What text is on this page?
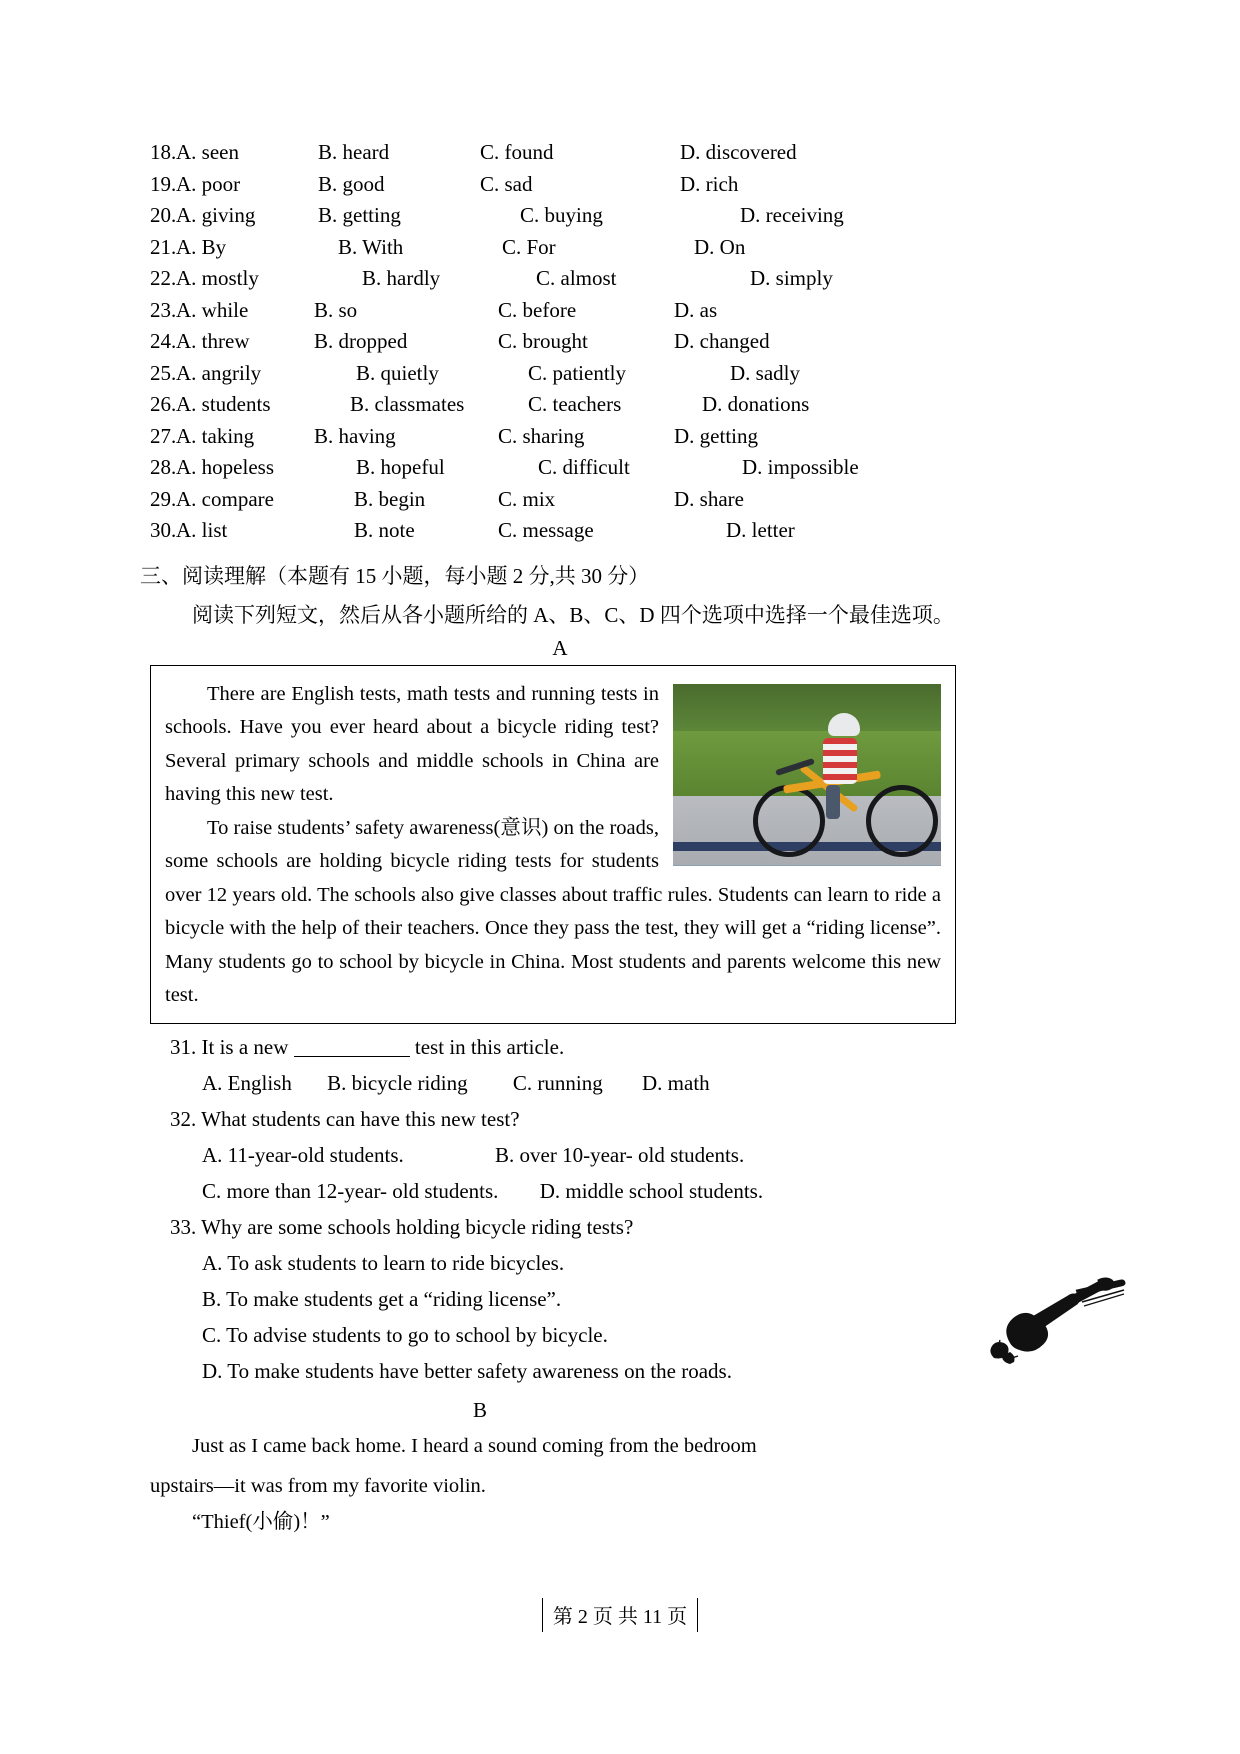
18. A. seen	B. heard	C. found	D. discovered
19. A. poor	B. good	C. sad	D. rich
20. A. giving	B. getting	C. buying	D. receiving
21. A. By	B. With	C. For	D. On
22. A. mostly	B. hardly	C. almost	D. simply
23. A. while	B. so	C. before	D. as
24. A. threw	B. dropped	C. brought	D. changed
25. A. angrily	B. quietly	C. patiently	D. sadly
26. A. students	B. classmates	C. teachers	D. donations
27. A. taking	B. having	C. sharing	D. getting
28. A. hopeless	B. hopeful	C. difficult	D. impossible
29. A. compare	B. begin	C. mix	D. share
30. A. list	B. note	C. message	D. letter
三、阅读理解（本题有 15 小题，每小题 2 分,共 30 分）
阅读下列短文，然后从各小题所给的 A、B、C、D 四个选项中选择一个最佳选项。
A

There are English tests, math tests and running tests in schools. Have you ever heard about a bicycle riding test? Several primary schools and middle schools in China are having this new test.

To raise students’ safety awareness(意识) on the roads, some schools are holding bicycle riding tests for students over 12 years old. The schools also give classes about traffic rules. Students can learn to ride a bicycle with the help of their teachers. Once they pass the test, they will get a “riding license”. Many students go to school by bicycle in China. Most students and parents welcome this new test.

31. It is a new	test in this article.
A. English B. bicycle riding C. running D. math
32. What students can have this new test?
A. 11-year-old students.	B. over 10-year- old students.
C. more than 12-year- old students. D. middle school students.
33. Why are some schools holding bicycle riding tests?
A. To ask students to learn to ride bicycles.
B. To make students get a “riding license”.
C. To advise students to go to school by bicycle.
D. To make students have better safety awareness on the roads.
B
Just as I came back home. I heard a sound coming from the bedroom
upstairs—it was from my favorite violin.
“Thief(小偷)！”
第 2 页 共 11 页
